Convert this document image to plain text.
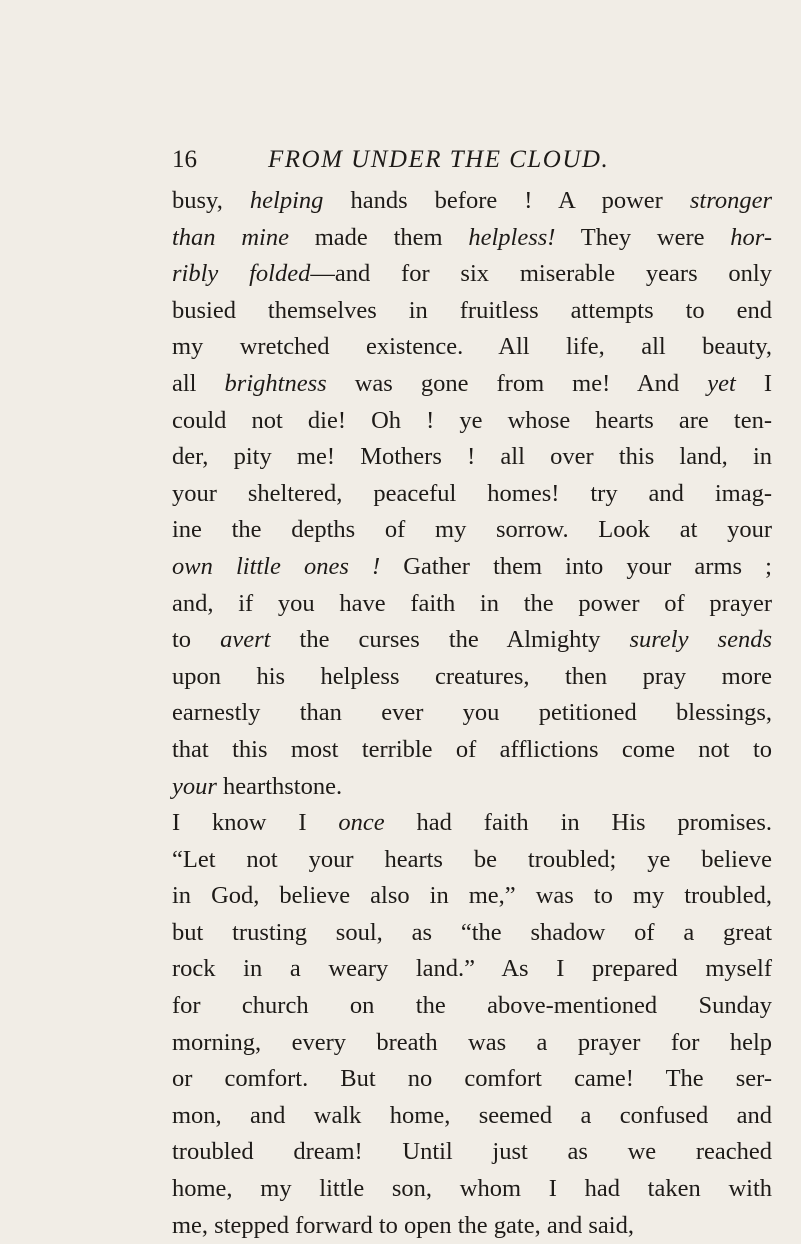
16	FROM UNDER THE CLOUD.
busy, helping hands before ! A power stronger
than mine made them helpless! They were hor-
ribly folded—and for six miserable years only
busied themselves in fruitless attempts to end
my wretched existence. All life, all beauty,
all brightness was gone from me! And yet I
could not die! Oh ! ye whose hearts are ten-
der, pity me! Mothers ! all over this land, in
your sheltered, peaceful homes! try and imag-
ine the depths of my sorrow. Look at your
own little ones ! Gather them into your arms ;
and, if you have faith in the power of prayer
to avert the curses the Almighty surely sends
upon his helpless creatures, then pray more
earnestly than ever you petitioned blessings,
that this most terrible of afflictions come not to
your hearthstone.
I know I once had faith in His promises.
“Let not your hearts be troubled; ye believe
in God, believe also in me,” was to my troubled,
but trusting soul, as “the shadow of a great
rock in a weary land.” As I prepared myself
for church on the above-mentioned Sunday
morning, every breath was a prayer for help
or comfort. But no comfort came! The ser-
mon, and walk home, seemed a confused and
troubled dream! Until just as we reached
home, my little son, whom I had taken with
me, stepped forward to open the gate, and said,
